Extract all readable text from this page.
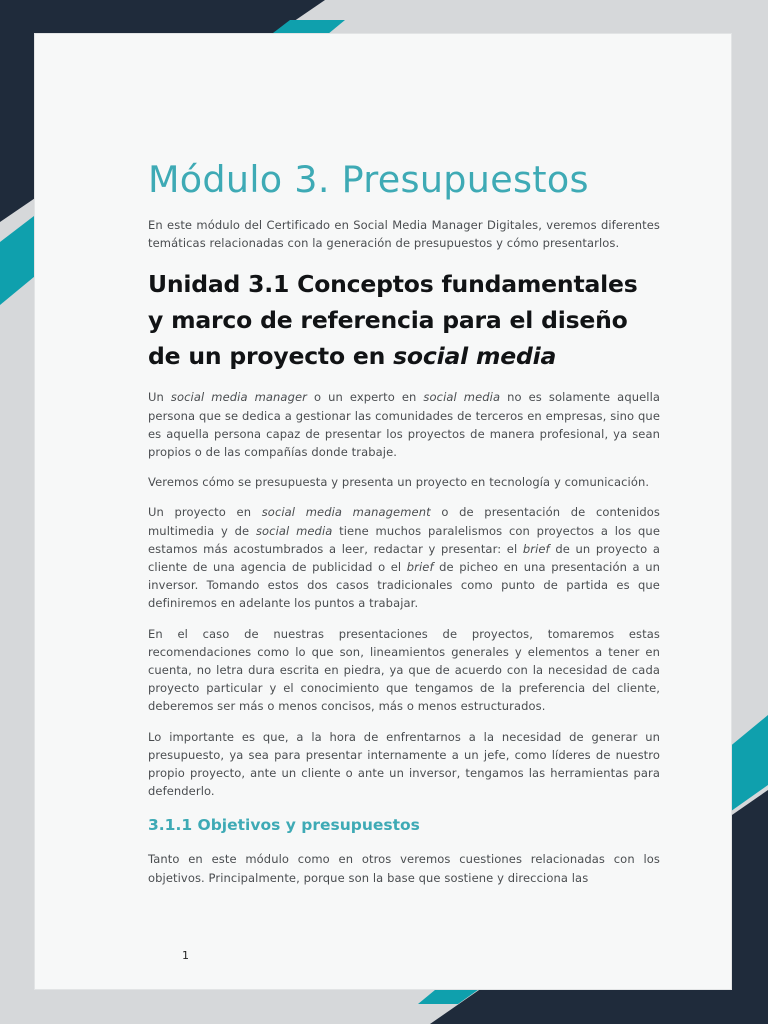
Módulo 3. Presupuestos

En este módulo del Certificado en Social Media Manager Digitales, veremos diferentes temáticas relacionadas con la generación de presupuestos y cómo presentarlos.

Unidad 3.1 Conceptos fundamentales y marco de referencia para el diseño de un proyecto en social media

Un social media manager o un experto en social media no es solamente aquella persona que se dedica a gestionar las comunidades de terceros en empresas, sino que es aquella persona capaz de presentar los proyectos de manera profesional, ya sean propios o de las compañías donde trabaje.

Veremos cómo se presupuesta y presenta un proyecto en tecnología y comunicación.

Un proyecto en social media management o de presentación de contenidos multimedia y de social media tiene muchos paralelismos con proyectos a los que estamos más acostumbrados a leer, redactar y presentar: el brief de un proyecto a cliente de una agencia de publicidad o el brief de picheo en una presentación a un inversor. Tomando estos dos casos tradicionales como punto de partida es que definiremos en adelante los puntos a trabajar.

En el caso de nuestras presentaciones de proyectos, tomaremos estas recomendaciones como lo que son, lineamientos generales y elementos a tener en cuenta, no letra dura escrita en piedra, ya que de acuerdo con la necesidad de cada proyecto particular y el conocimiento que tengamos de la preferencia del cliente, deberemos ser más o menos concisos, más o menos estructurados.

Lo importante es que, a la hora de enfrentarnos a la necesidad de generar un presupuesto, ya sea para presentar internamente a un jefe, como líderes de nuestro propio proyecto, ante un cliente o ante un inversor, tengamos las herramientas para defenderlo.

3.1.1 Objetivos y presupuestos

Tanto en este módulo como en otros veremos cuestiones relacionadas con los objetivos. Principalmente, porque son la base que sostiene y direcciona las

1
